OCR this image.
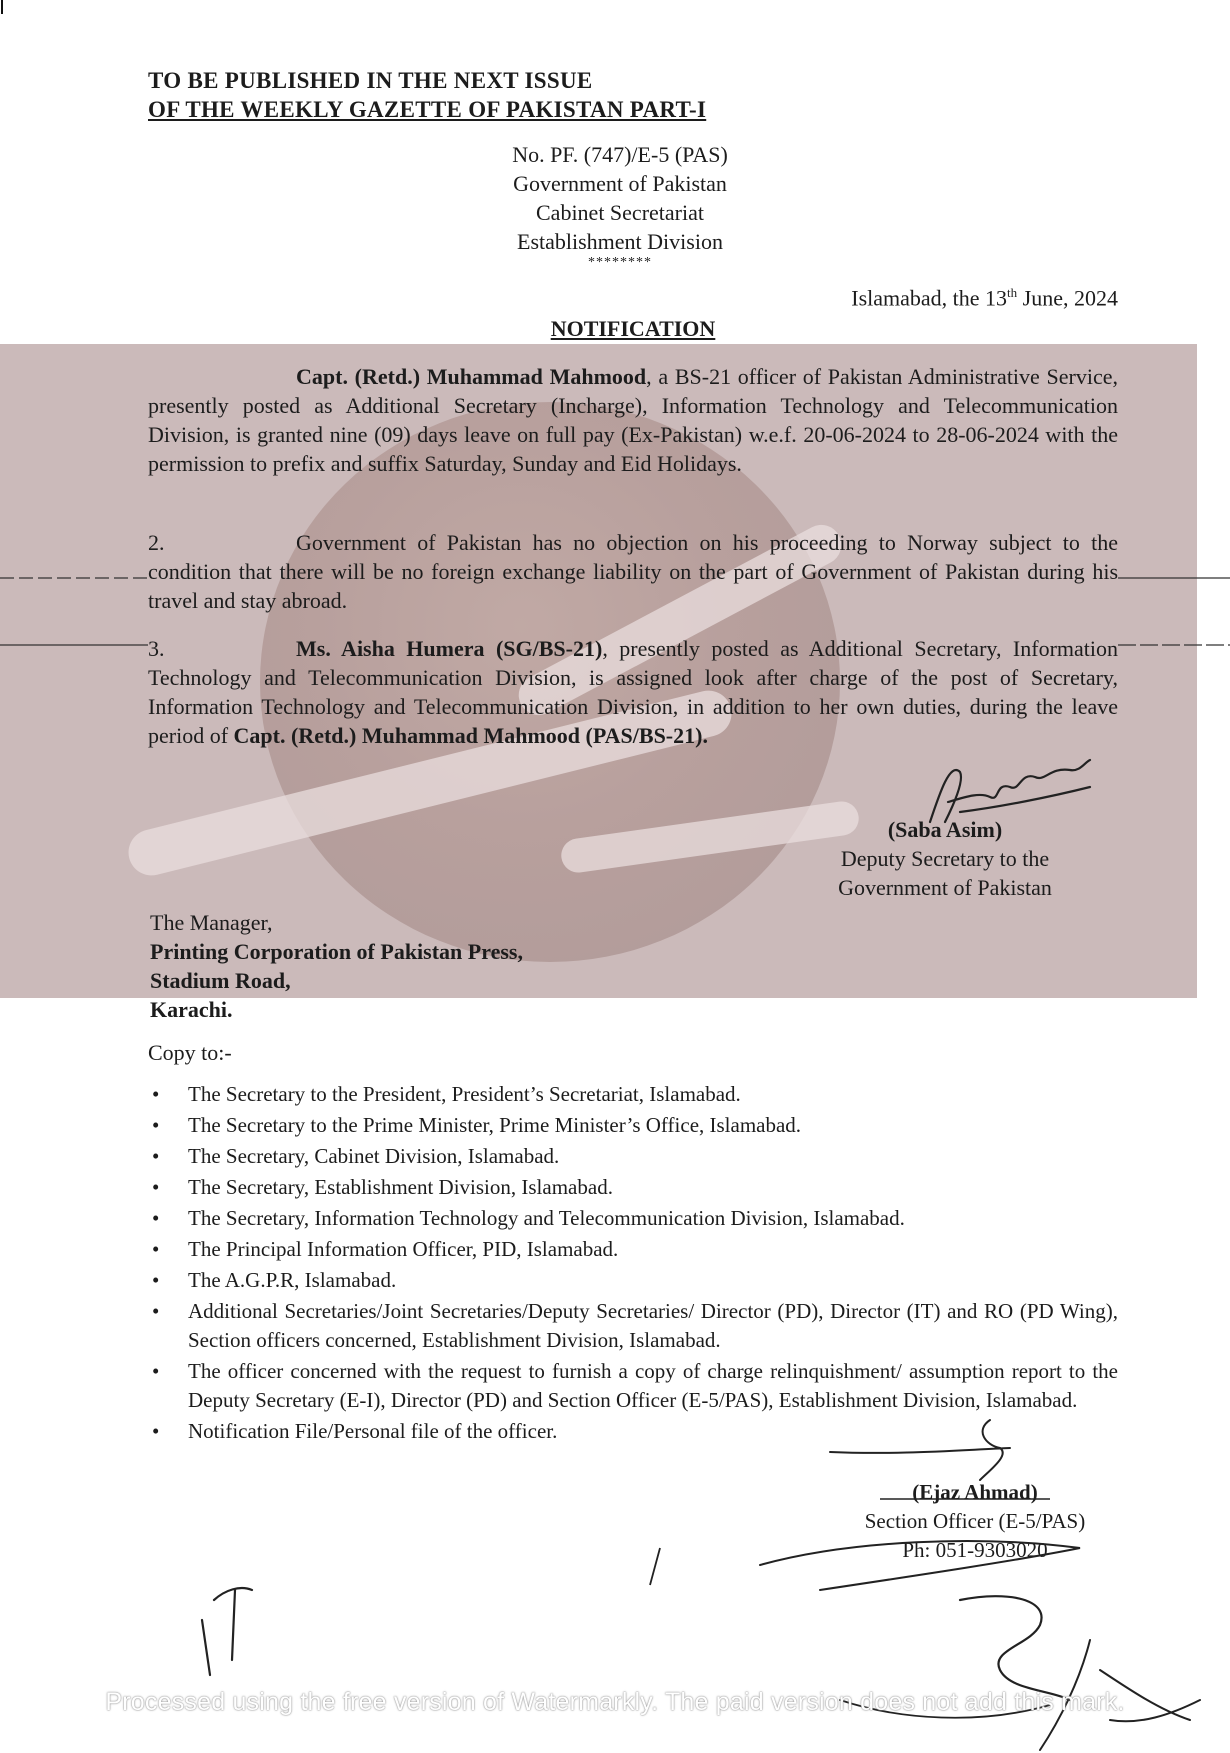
TO BE PUBLISHED IN THE NEXT ISSUE
OF THE WEEKLY GAZETTE OF PAKISTAN PART-I
No. PF. (747)/E-5 (PAS)
Government of Pakistan
Cabinet Secretariat
Establishment Division
********
Islamabad, the 13th June, 2024
NOTIFICATION
Capt. (Retd.) Muhammad Mahmood, a BS-21 officer of Pakistan Administrative Service, presently posted as Additional Secretary (Incharge), Information Technology and Telecommunication Division, is granted nine (09) days leave on full pay (Ex-Pakistan) w.e.f. 20-06-2024 to 28-06-2024 with the permission to prefix and suffix Saturday, Sunday and Eid Holidays.
2.	Government of Pakistan has no objection on his proceeding to Norway subject to the condition that there will be no foreign exchange liability on the part of Government of Pakistan during his travel and stay abroad.
3.	Ms. Aisha Humera (SG/BS-21), presently posted as Additional Secretary, Information Technology and Telecommunication Division, is assigned look after charge of the post of Secretary, Information Technology and Telecommunication Division, in addition to her own duties, during the leave period of Capt. (Retd.) Muhammad Mahmood (PAS/BS-21).
(Saba Asim)
Deputy Secretary to the
Government of Pakistan
The Manager,
Printing Corporation of Pakistan Press,
Stadium Road,
Karachi.
Copy to:-
• The Secretary to the President, President’s Secretariat, Islamabad.
• The Secretary to the Prime Minister, Prime Minister’s Office, Islamabad.
• The Secretary, Cabinet Division, Islamabad.
• The Secretary, Establishment Division, Islamabad.
• The Secretary, Information Technology and Telecommunication Division, Islamabad.
• The Principal Information Officer, PID, Islamabad.
• The A.G.P.R, Islamabad.
• Additional Secretaries/Joint Secretaries/Deputy Secretaries/ Director (PD), Director (IT) and RO (PD Wing), Section officers concerned, Establishment Division, Islamabad.
• The officer concerned with the request to furnish a copy of charge relinquishment/ assumption report to the Deputy Secretary (E-I), Director (PD) and Section Officer (E-5/PAS), Establishment Division, Islamabad.
• Notification File/Personal file of the officer.
(Ejaz Ahmad)
Section Officer (E-5/PAS)
Ph: 051-9303020
Processed using the free version of Watermarkly. The paid version does not add this mark.
